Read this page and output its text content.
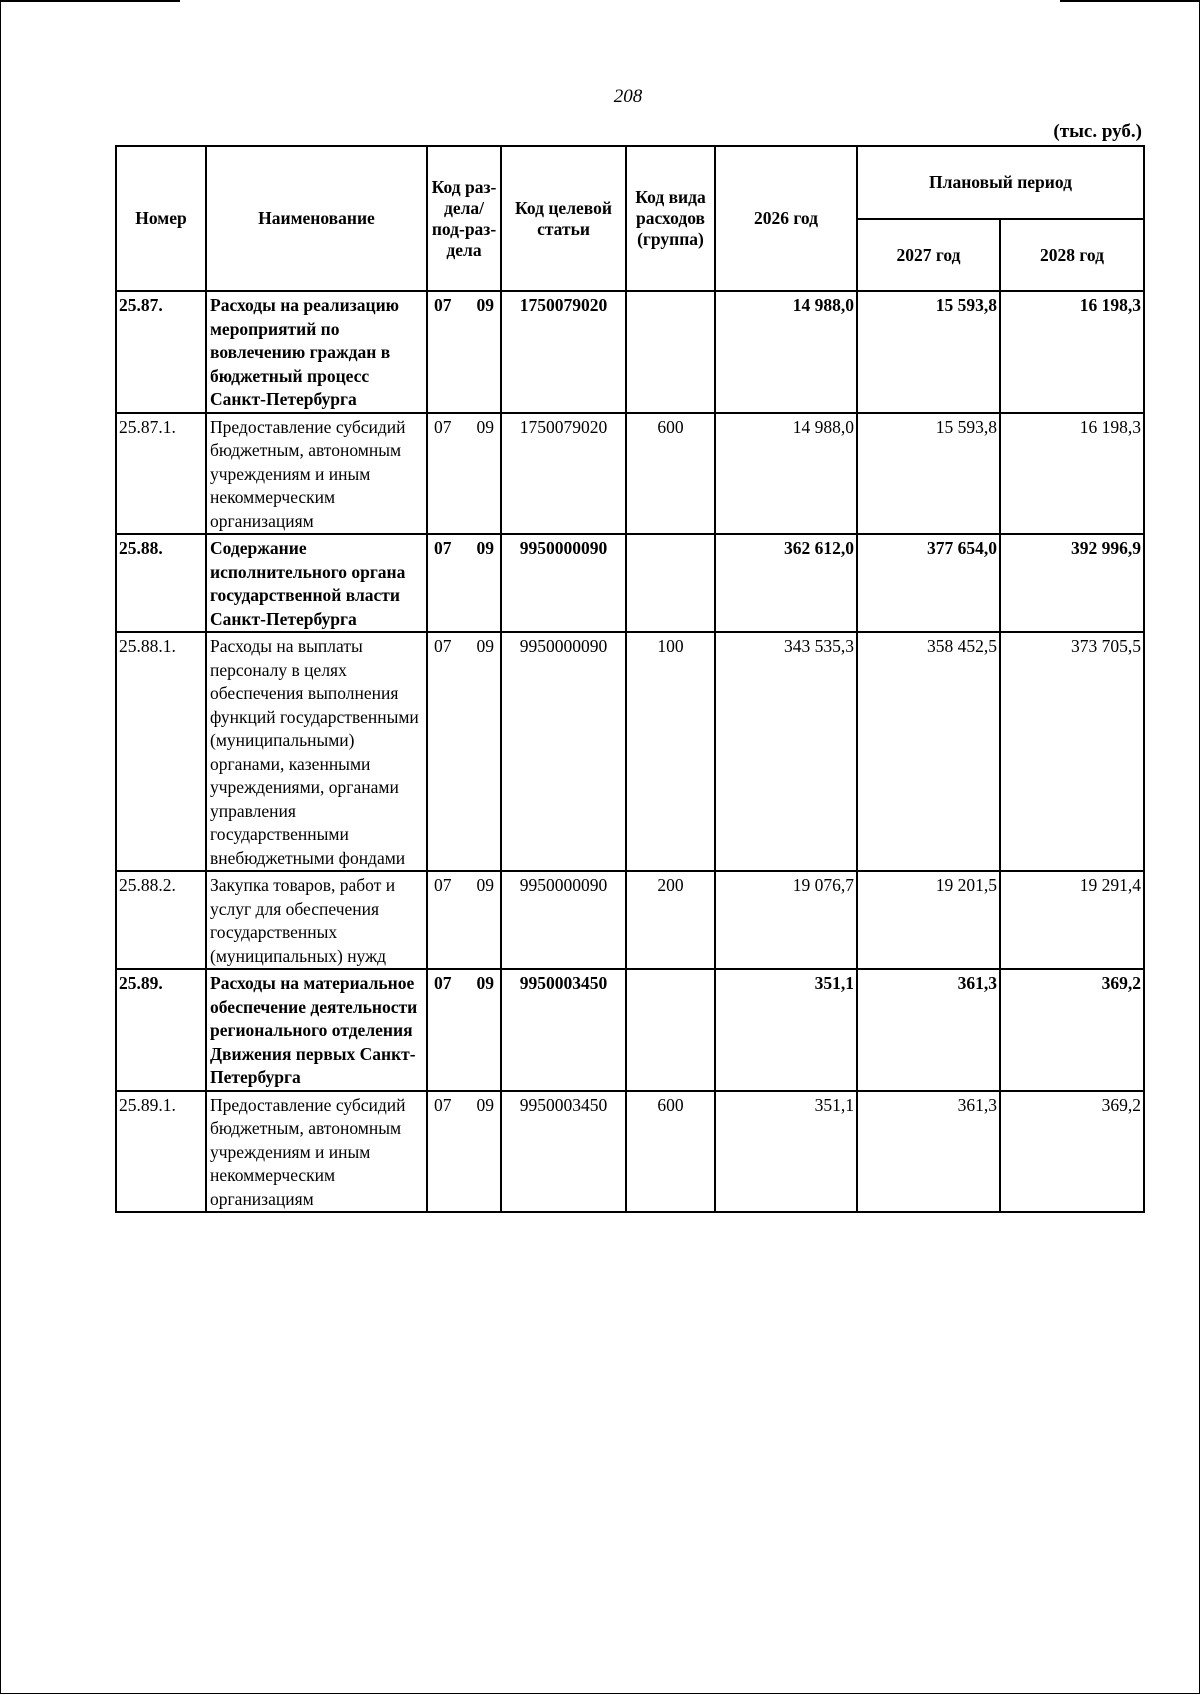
208
(тыс. руб.)
Номер	Наименование	Код раз-дела/ под-раз-дела	Код целевой статьи	Код вида расходов (группа)	2026 год	Плановый период	
						2027 год	2028 год
25.87.	Расходы на реализацию мероприятий по вовлечению граждан в бюджетный процесс Санкт-Петербурга	07 09	1750079020		14 988,0	15 593,8	16 198,3
25.87.1.	Предоставление субсидий бюджетным, автономным учреждениям и иным некоммерческим организациям	07 09	1750079020	600	14 988,0	15 593,8	16 198,3
25.88.	Содержание исполнительного органа государственной власти Санкт-Петербурга	07 09	9950000090		362 612,0	377 654,0	392 996,9
25.88.1.	Расходы на выплаты персоналу в целях обеспечения выполнения функций государственными (муниципальными) органами, казенными учреждениями, органами управления государственными внебюджетными фондами	07 09	9950000090	100	343 535,3	358 452,5	373 705,5
25.88.2.	Закупка товаров, работ и услуг для обеспечения государственных (муниципальных) нужд	07 09	9950000090	200	19 076,7	19 201,5	19 291,4
25.89.	Расходы на материальное обеспечение деятельности регионального отделения Движения первых Санкт-Петербурга	07 09	9950003450		351,1	361,3	369,2
25.89.1.	Предоставление субсидий бюджетным, автономным учреждениям и иным некоммерческим организациям	07 09	9950003450	600	351,1	361,3	369,2
